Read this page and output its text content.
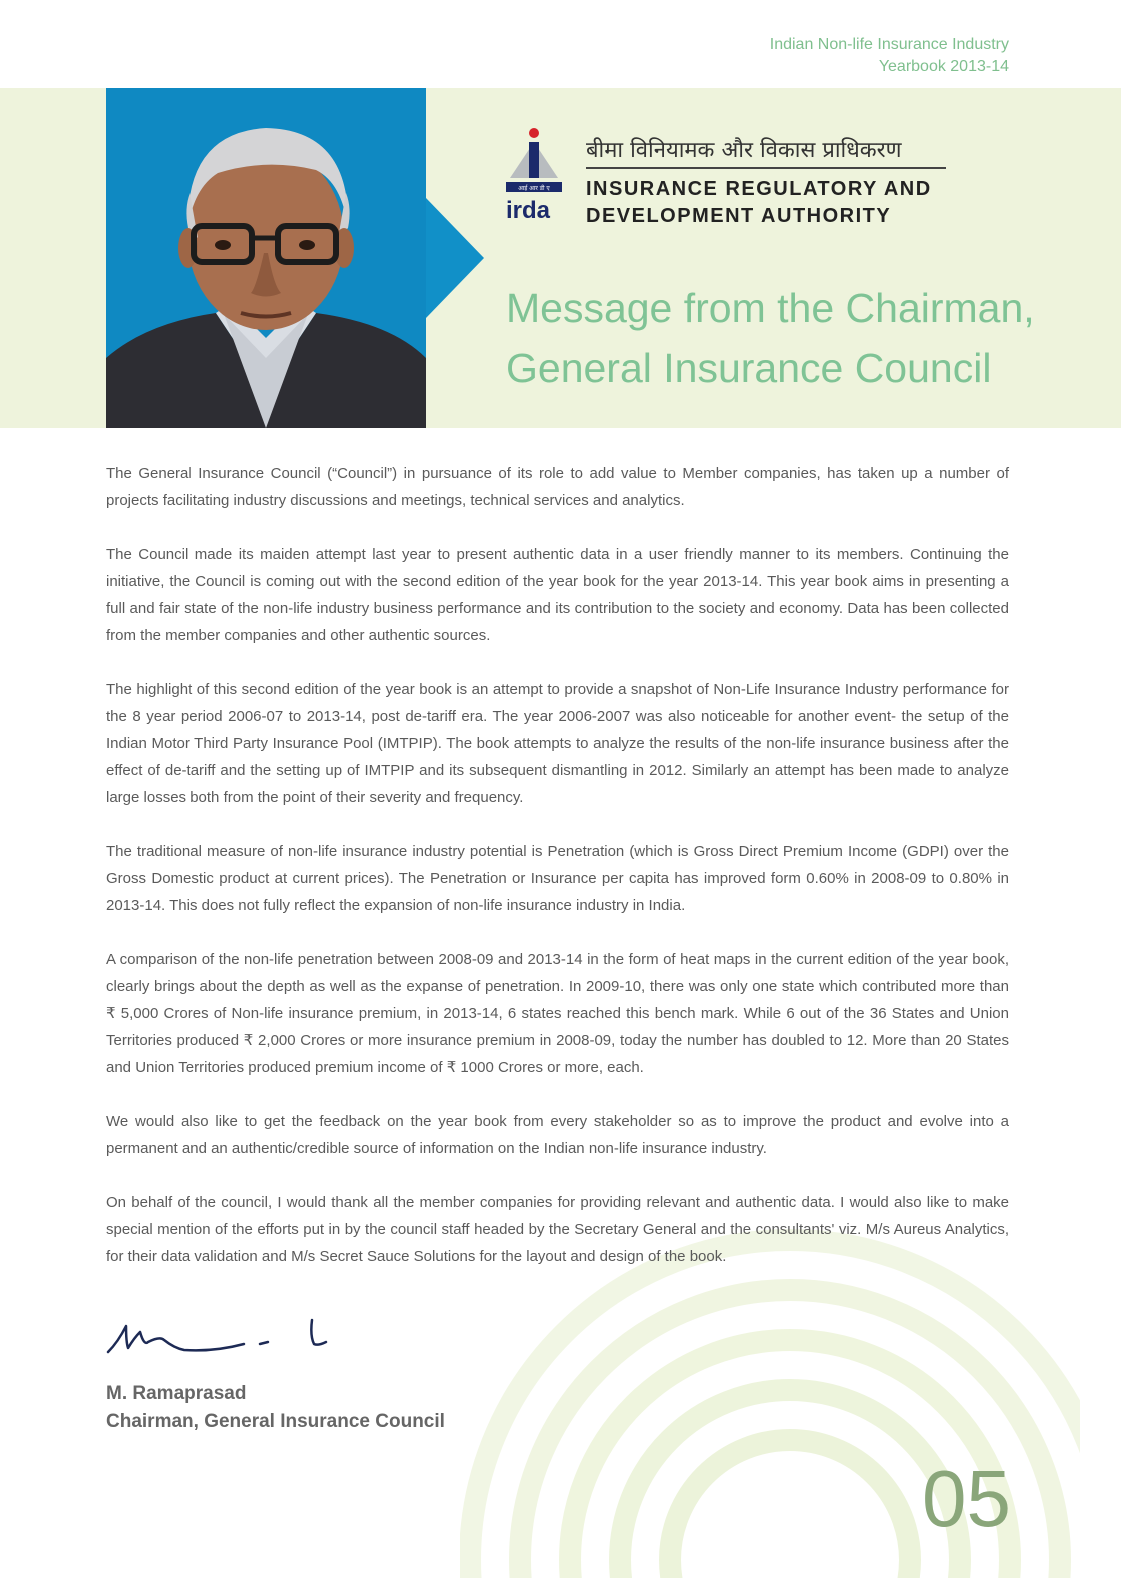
Indian Non-life Insurance Industry
Yearbook 2013-14
आई आर डी ए
irda
बीमा विनियामक और विकास प्राधिकरण
INSURANCE REGULATORY AND
DEVELOPMENT AUTHORITY
Message from the Chairman,
General Insurance Council

The General Insurance Council (“Council”) in pursuance of its role to add value to Member companies, has taken up a number of projects facilitating industry discussions and meetings, technical services and analytics.

The Council made its maiden attempt last year to present authentic data in a user friendly manner to its members. Continuing the initiative, the Council is coming out with the second edition of the year book for the year 2013-14. This year book aims in presenting a full and fair state of the non-life industry business performance and its contribution to the society and economy. Data has been collected from the member companies and other authentic sources.

The highlight of this second edition of the year book is an attempt to provide a snapshot of Non-Life Insurance Industry performance for the 8 year period 2006-07 to 2013-14, post de-tariff era. The year 2006-2007 was also noticeable for another event- the setup of the Indian Motor Third Party Insurance Pool (IMTPIP). The book attempts to analyze the results of the non-life insurance business after the effect of de-tariff and the setting up of IMTPIP and its subsequent dismantling in 2012. Similarly an attempt has been made to analyze large losses both from the point of their severity and frequency.

The traditional measure of non-life insurance industry potential is Penetration (which is Gross Direct Premium Income (GDPI) over the Gross Domestic product at current prices). The Penetration or Insurance per capita has improved form 0.60% in 2008-09 to 0.80% in 2013-14. This does not fully reflect the expansion of non-life insurance industry in India.

A comparison of the non-life penetration between 2008-09 and 2013-14 in the form of heat maps in the current edition of the year book, clearly brings about the depth as well as the expanse of penetration. In 2009-10, there was only one state which contributed more than ₹ 5,000 Crores of Non-life insurance premium, in 2013-14, 6 states reached this bench mark. While 6 out of the 36 States and Union Territories produced ₹ 2,000 Crores or more insurance premium in 2008-09, today the number has doubled to 12. More than 20 States and Union Territories produced premium income of ₹ 1000 Crores or more, each.

We would also like to get the feedback on the year book from every stakeholder so as to improve the product and evolve into a permanent and an authentic/credible source of information on the Indian non-life insurance industry.

On behalf of the council, I would thank all the member companies for providing relevant and authentic data. I would also like to make special mention of the efforts put in by the council staff headed by the Secretary General and the consultants' viz. M/s Aureus Analytics, for their data validation and M/s Secret Sauce Solutions for the layout and design of the book.

M. Ramaprasad
Chairman, General Insurance Council
05
